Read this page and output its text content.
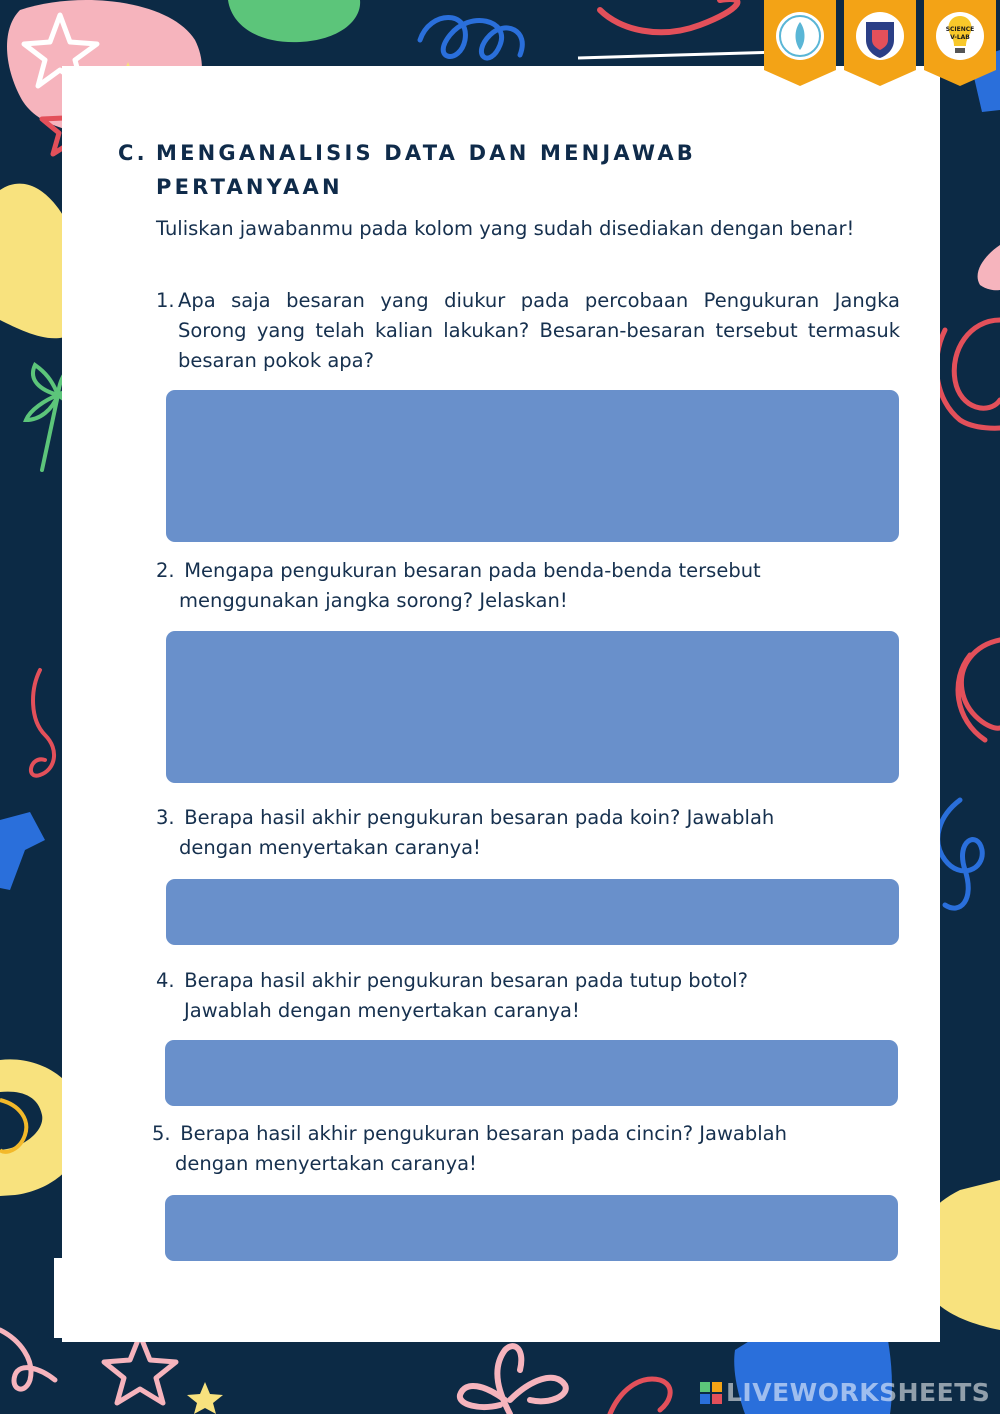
SCIENCE
V-LAB
C. MENGANALISIS DATA DAN MENJAWAB
PERTANYAAN
Tuliskan jawabanmu pada kolom yang sudah disediakan dengan benar!
1. Apa saja besaran yang diukur pada percobaan Pengukuran Jangka Sorong yang telah kalian lakukan? Besaran-besaran tersebut termasuk besaran pokok apa?
2. Mengapa pengukuran besaran pada benda-benda tersebut
menggunakan jangka sorong? Jelaskan!
3. Berapa hasil akhir pengukuran besaran pada koin? Jawablah
dengan menyertakan caranya!
4. Berapa hasil akhir pengukuran besaran pada tutup botol?
Jawablah dengan menyertakan caranya!
5. Berapa hasil akhir pengukuran besaran pada cincin? Jawablah
dengan menyertakan caranya!
LIVEWORKSHEETS
